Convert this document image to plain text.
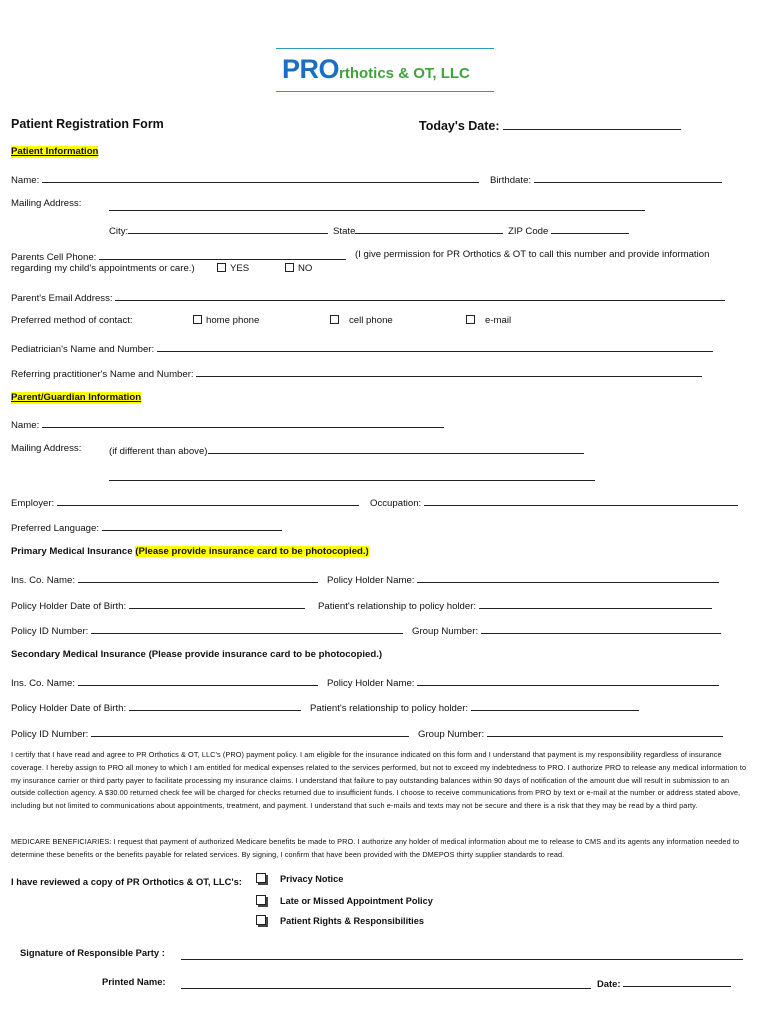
PROrthotics & OT, LLC
Patient Registration Form	Today's Date:
Patient Information
Name:	Birthdate:
Mailing Address:
City:	State	ZIP Code
Parents Cell Phone:	(I give permission for PR Orthotics & OT to call this number and provide information
regarding my child's appointments or care.)	YES	NO
Parent's Email Address:
Preferred method of contact:	home phone	cell phone	e-mail
Pediatrician's Name and Number:
Referring practitioner's Name and Number:
Parent/Guardian Information
Name:
Mailing Address:	(if different than above)
Employer:	Occupation:
Preferred Language:
Primary Medical Insurance (Please provide insurance card to be photocopied.)
Ins. Co. Name:	Policy Holder Name:
Policy Holder Date of Birth:	Patient's relationship to policy holder:
Policy ID Number:	Group Number:
Secondary Medical Insurance (Please provide insurance card to be photocopied.)
Ins. Co. Name:	Policy Holder Name:
Policy Holder Date of Birth:	Patient's relationship to policy holder:
Policy ID Number:	Group Number:
I certify that I have read and agree to PR Orthotics & OT, LLC's (PRO) payment policy. I am eligible for the insurance indicated on this form and I understand that payment is my responsibility regardless of insurance coverage. I hereby assign to PRO all money to which I am entitled for medical expenses related to the services performed, but not to exceed my indebtedness to PRO. I authorize PRO to release any medical information to my insurance carrier or third party payer to facilitate processing my insurance claims. I understand that failure to pay outstanding balances within 90 days of notification of the amount due will result in submission to an outside collection agency. A $30.00 returned check fee will be charged for checks returned due to insufficient funds. I choose to receive communications from PRO by text or e-mail at the number or address stated above, including but not limited to communications about appointments, treatment, and payment. I understand that such e-mails and texts may not be secure and there is a risk that they may be read by a third party.
MEDICARE BENEFICIARIES: I request that payment of authorized Medicare benefits be made to PRO. I authorize any holder of medical information about me to release to CMS and its agents any information needed to determine these benefits or the benefits payable for related services. By signing, I confirm that have been provided with the DMEPOS thirty supplier standards to read.
I have reviewed a copy of PR Orthotics & OT, LLC's:	Privacy Notice
Late or Missed Appointment Policy
Patient Rights & Responsibilities
Signature of Responsible Party :
Printed Name:	Date:
